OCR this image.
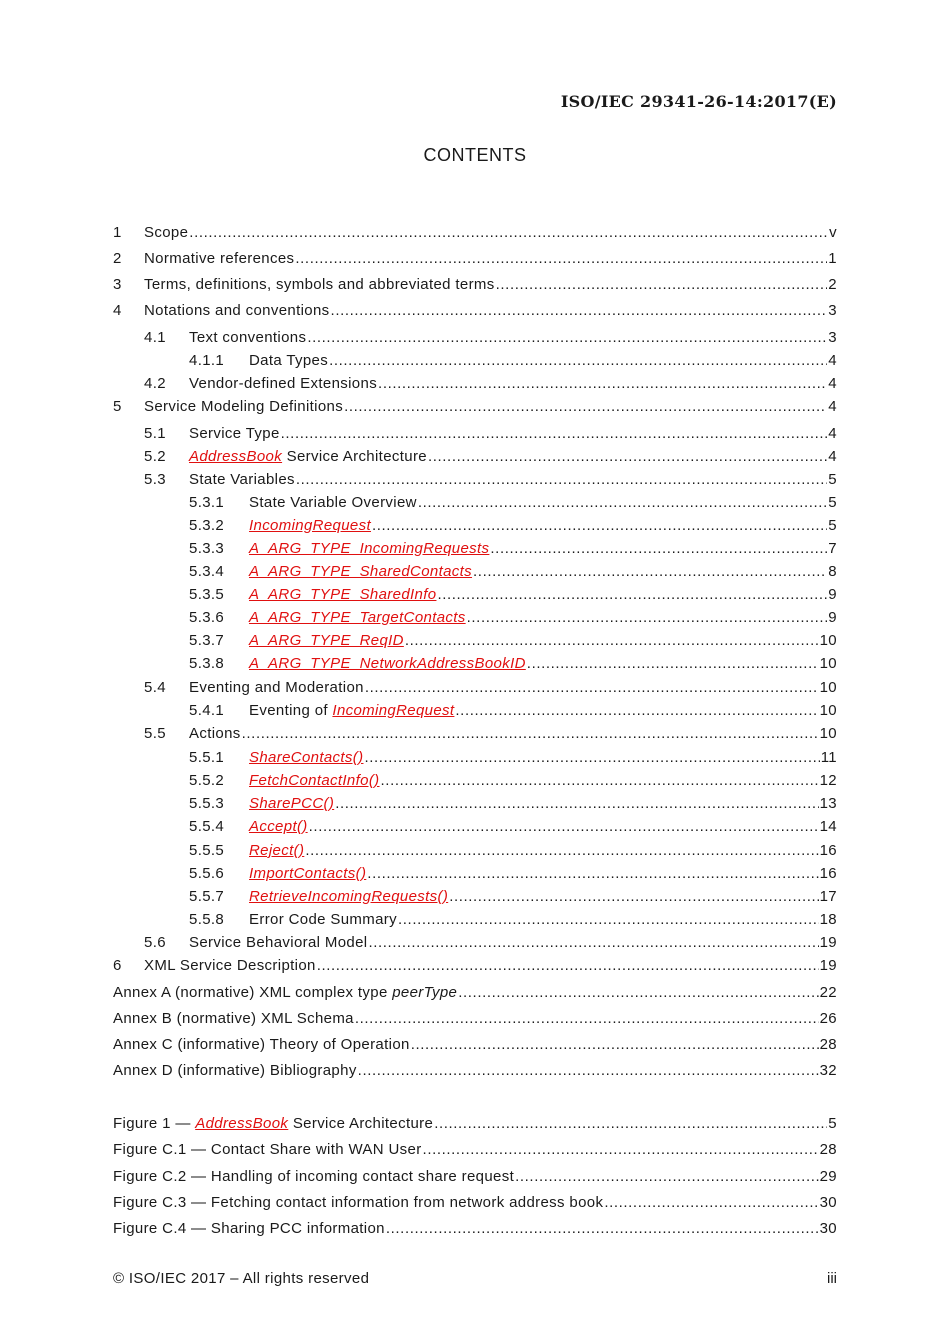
ISO/IEC 29341-26-14:2017(E)
CONTENTS
1	Scope .....	v
2	Normative references .....	1
3	Terms, definitions, symbols and abbreviated terms .....	2
4	Notations and conventions .....	3
4.1	Text conventions .....	3
4.1.1	Data Types .....	4
4.2	Vendor-defined Extensions .....	4
5	Service Modeling Definitions .....	4
5.1	Service Type .....	4
5.2	AddressBook Service Architecture .....	4
5.3	State Variables .....	5
5.3.1	State Variable Overview .....	5
5.3.2	IncomingRequest .....	5
5.3.3	A_ARG_TYPE_IncomingRequests .....	7
5.3.4	A_ARG_TYPE_SharedContacts .....	8
5.3.5	A_ARG_TYPE_SharedInfo .....	9
5.3.6	A_ARG_TYPE_TargetContacts .....	9
5.3.7	A_ARG_TYPE_ReqID .....	10
5.3.8	A_ARG_TYPE_NetworkAddressBookID .....	10
5.4	Eventing and Moderation .....	10
5.4.1	Eventing of IncomingRequest .....	10
5.5	Actions .....	10
5.5.1	ShareContacts() .....	11
5.5.2	FetchContactInfo() .....	12
5.5.3	SharePCC() .....	13
5.5.4	Accept() .....	14
5.5.5	Reject() .....	16
5.5.6	ImportContacts() .....	16
5.5.7	RetrieveIncomingRequests() .....	17
5.5.8	Error Code Summary .....	18
5.6	Service Behavioral Model .....	19
6	XML Service Description .....	19
Annex A (normative) XML complex type peerType .....	22
Annex B (normative) XML Schema .....	26
Annex C (informative) Theory of Operation .....	28
Annex D (informative) Bibliography .....	32
Figure 1 — AddressBook Service Architecture .....	5
Figure C.1 — Contact Share with WAN User .....	28
Figure C.2 — Handling of incoming contact share request .....	29
Figure C.3 — Fetching contact information from network address book .....	30
Figure C.4 — Sharing PCC information .....	30
© ISO/IEC 2017 – All rights reserved	iii
